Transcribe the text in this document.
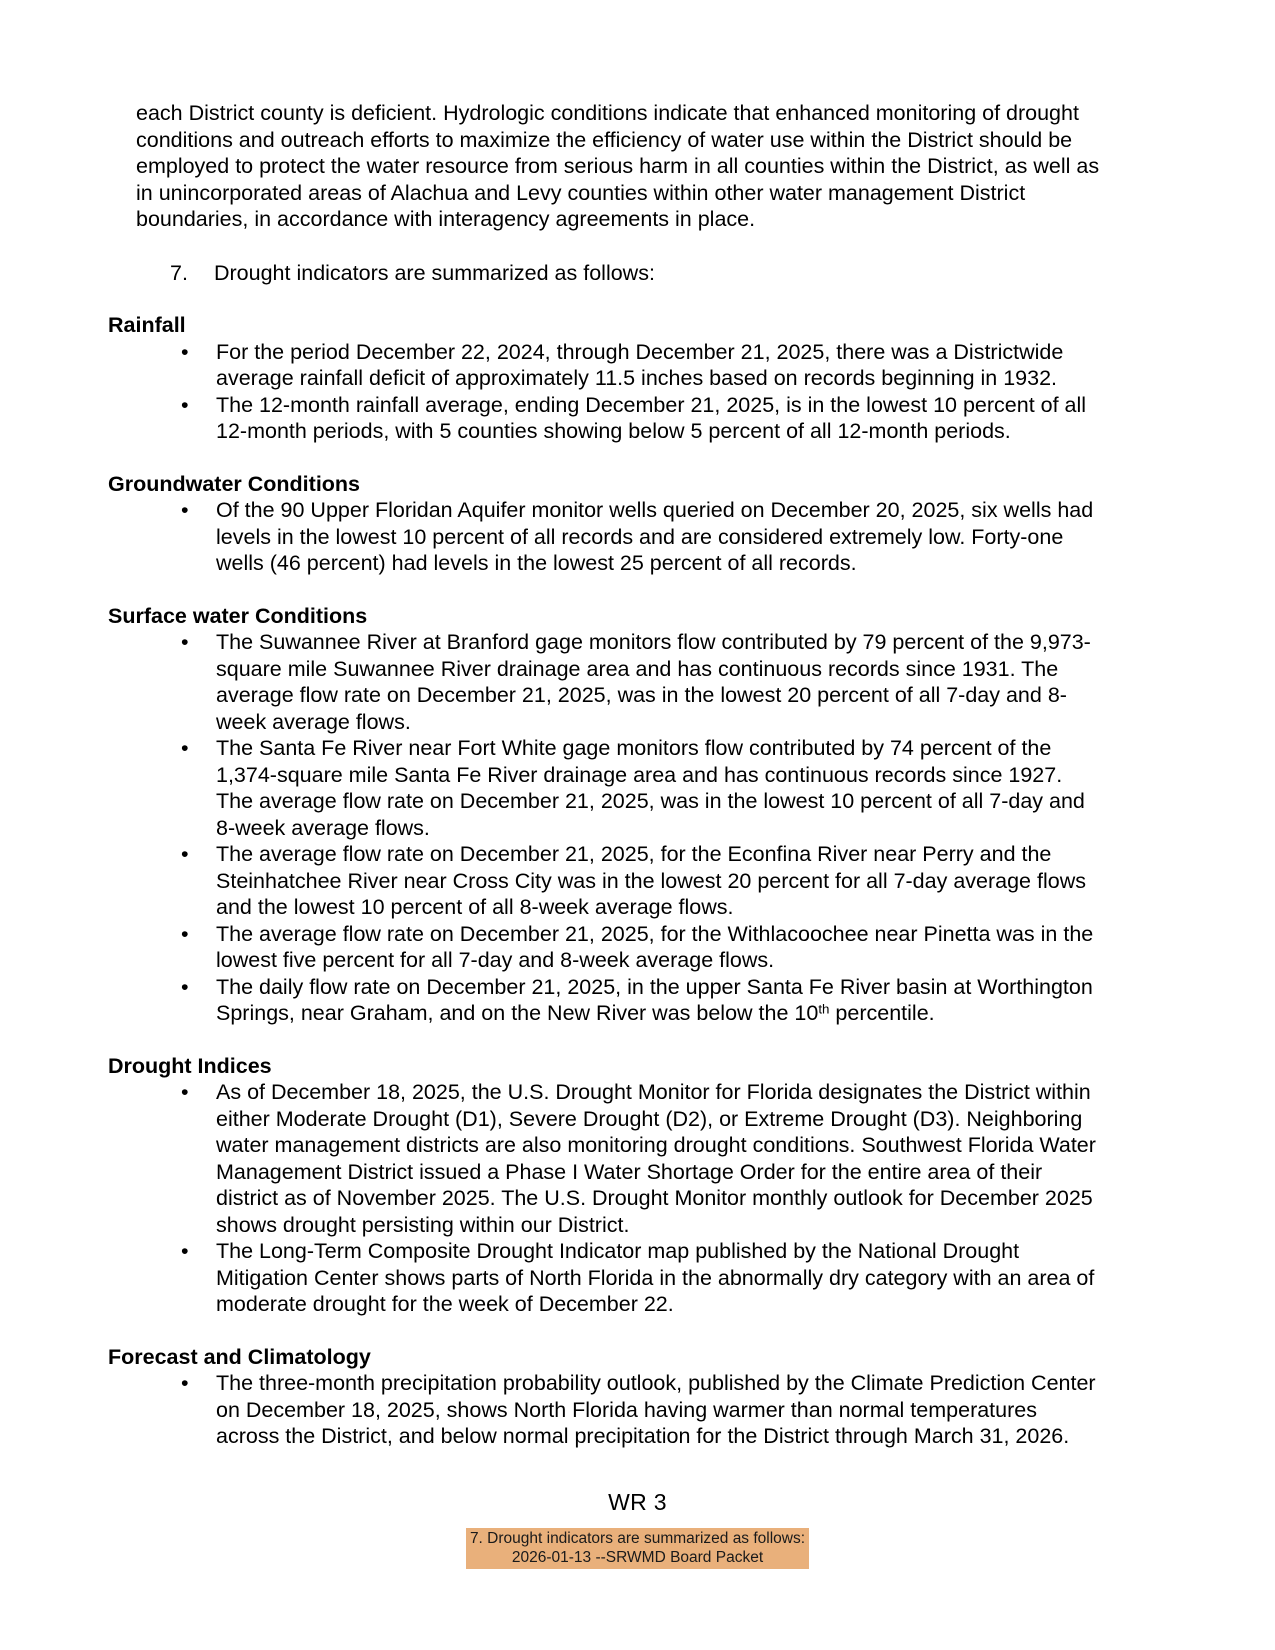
each District county is deficient. Hydrologic conditions indicate that enhanced monitoring of drought conditions and outreach efforts to maximize the efficiency of water use within the District should be employed to protect the water resource from serious harm in all counties within the District, as well as in unincorporated areas of Alachua and Levy counties within other water management District boundaries, in accordance with interagency agreements in place.

7.	Drought indicators are summarized as follows:
Rainfall
• For the period December 22, 2024, through December 21, 2025, there was a Districtwide average rainfall deficit of approximately 11.5 inches based on records beginning in 1932.
• The 12-month rainfall average, ending December 21, 2025, is in the lowest 10 percent of all 12-month periods, with 5 counties showing below 5 percent of all 12-month periods.
Groundwater Conditions
• Of the 90 Upper Floridan Aquifer monitor wells queried on December 20, 2025, six wells had levels in the lowest 10 percent of all records and are considered extremely low. Forty-one wells (46 percent) had levels in the lowest 25 percent of all records.
Surface water Conditions
• The Suwannee River at Branford gage monitors flow contributed by 79 percent of the 9,973-square mile Suwannee River drainage area and has continuous records since 1931. The average flow rate on December 21, 2025, was in the lowest 20 percent of all 7-day and 8-week average flows.
• The Santa Fe River near Fort White gage monitors flow contributed by 74 percent of the 1,374-square mile Santa Fe River drainage area and has continuous records since 1927. The average flow rate on December 21, 2025, was in the lowest 10 percent of all 7-day and 8-week average flows.
• The average flow rate on December 21, 2025, for the Econfina River near Perry and the Steinhatchee River near Cross City was in the lowest 20 percent for all 7-day average flows and the lowest 10 percent of all 8-week average flows.
• The average flow rate on December 21, 2025, for the Withlacoochee near Pinetta was in the lowest five percent for all 7-day and 8-week average flows.
• The daily flow rate on December 21, 2025, in the upper Santa Fe River basin at Worthington Springs, near Graham, and on the New River was below the 10th percentile.
Drought Indices
• As of December 18, 2025, the U.S. Drought Monitor for Florida designates the District within either Moderate Drought (D1), Severe Drought (D2), or Extreme Drought (D3). Neighboring water management districts are also monitoring drought conditions. Southwest Florida Water Management District issued a Phase I Water Shortage Order for the entire area of their district as of November 2025. The U.S. Drought Monitor monthly outlook for December 2025 shows drought persisting within our District.
• The Long-Term Composite Drought Indicator map published by the National Drought Mitigation Center shows parts of North Florida in the abnormally dry category with an area of moderate drought for the week of December 22.
Forecast and Climatology
• The three-month precipitation probability outlook, published by the Climate Prediction Center on December 18, 2025, shows North Florida having warmer than normal temperatures across the District, and below normal precipitation for the District through March 31, 2026.
WR 3
7. Drought indicators are summarized as follows:
2026-01-13 --SRWMD Board Packet
